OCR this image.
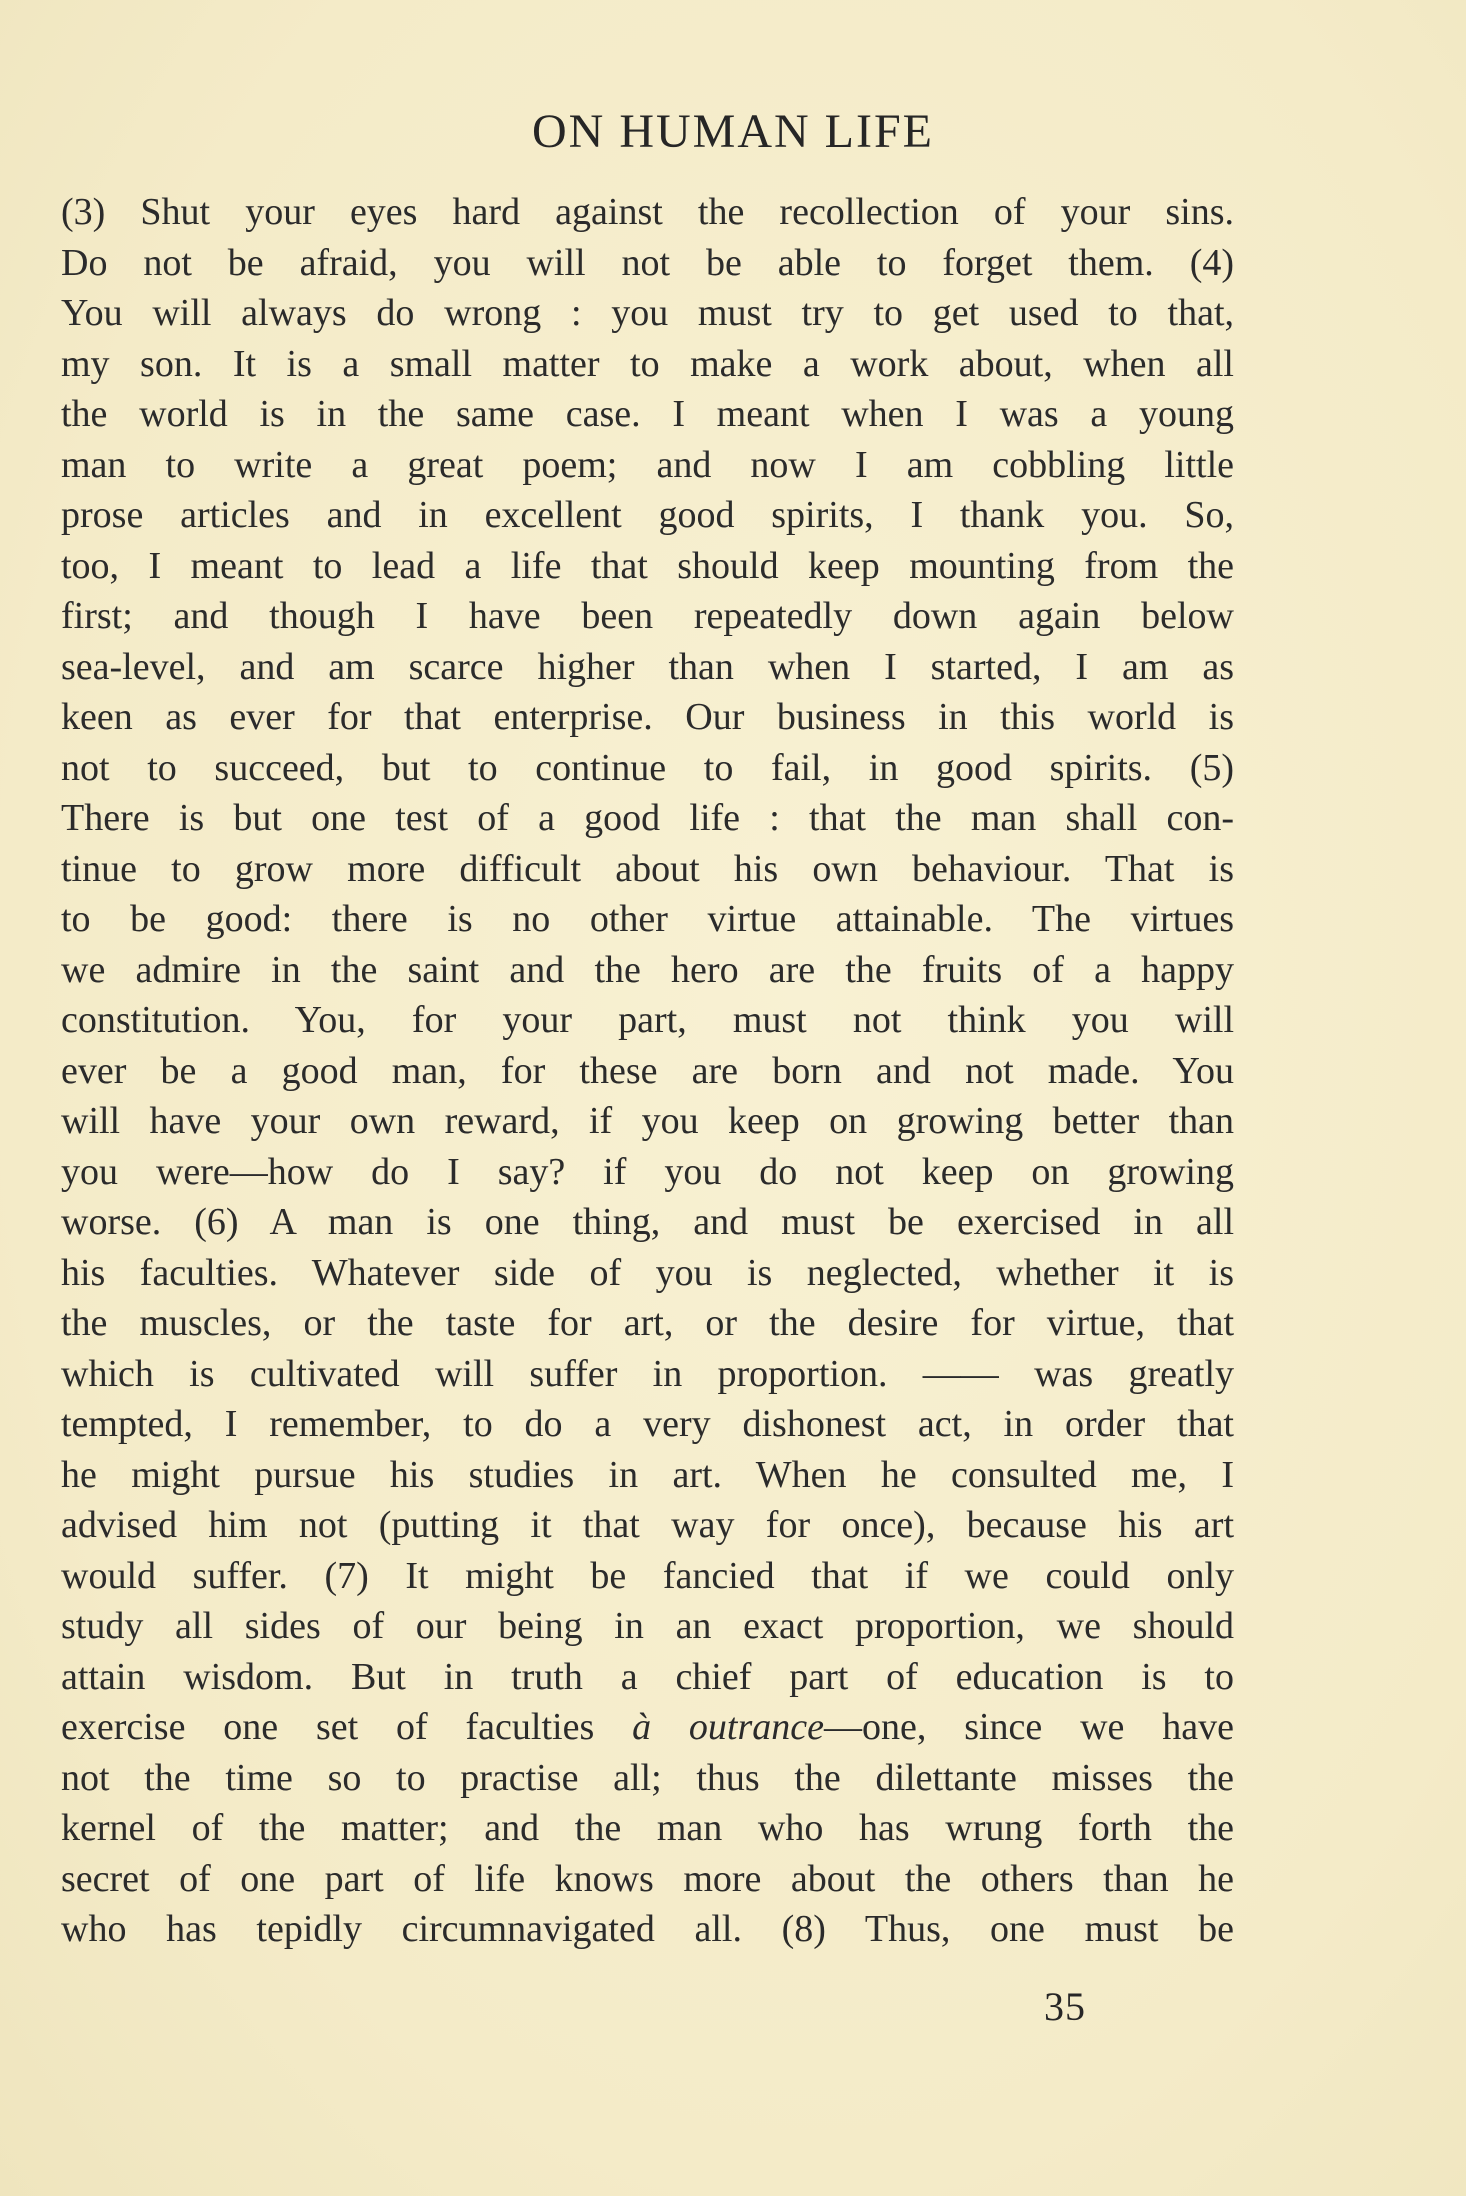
ON HUMAN LIFE
(3) Shut your eyes hard against the recollection of your sins.
Do not be afraid, you will not be able to forget them. (4)
You will always do wrong : you must try to get used to that,
my son. It is a small matter to make a work about, when all
the world is in the same case. I meant when I was a young
man to write a great poem; and now I am cobbling little
prose articles and in excellent good spirits, I thank you. So,
too, I meant to lead a life that should keep mounting from the
first; and though I have been repeatedly down again below
sea-level, and am scarce higher than when I started, I am as
keen as ever for that enterprise. Our business in this world is
not to succeed, but to continue to fail, in good spirits. (5)
There is but one test of a good life : that the man shall con-
tinue to grow more difficult about his own behaviour. That is
to be good: there is no other virtue attainable. The virtues
we admire in the saint and the hero are the fruits of a happy
constitution. You, for your part, must not think you will
ever be a good man, for these are born and not made. You
will have your own reward, if you keep on growing better than
you were—how do I say? if you do not keep on growing
worse. (6) A man is one thing, and must be exercised in all
his faculties. Whatever side of you is neglected, whether it is
the muscles, or the taste for art, or the desire for virtue, that
which is cultivated will suffer in proportion. —— was greatly
tempted, I remember, to do a very dishonest act, in order that
he might pursue his studies in art. When he consulted me, I
advised him not (putting it that way for once), because his art
would suffer. (7) It might be fancied that if we could only
study all sides of our being in an exact proportion, we should
attain wisdom. But in truth a chief part of education is to
exercise one set of faculties à outrance—one, since we have
not the time so to practise all; thus the dilettante misses the
kernel of the matter; and the man who has wrung forth the
secret of one part of life knows more about the others than he
who has tepidly circumnavigated all. (8) Thus, one must be
35
